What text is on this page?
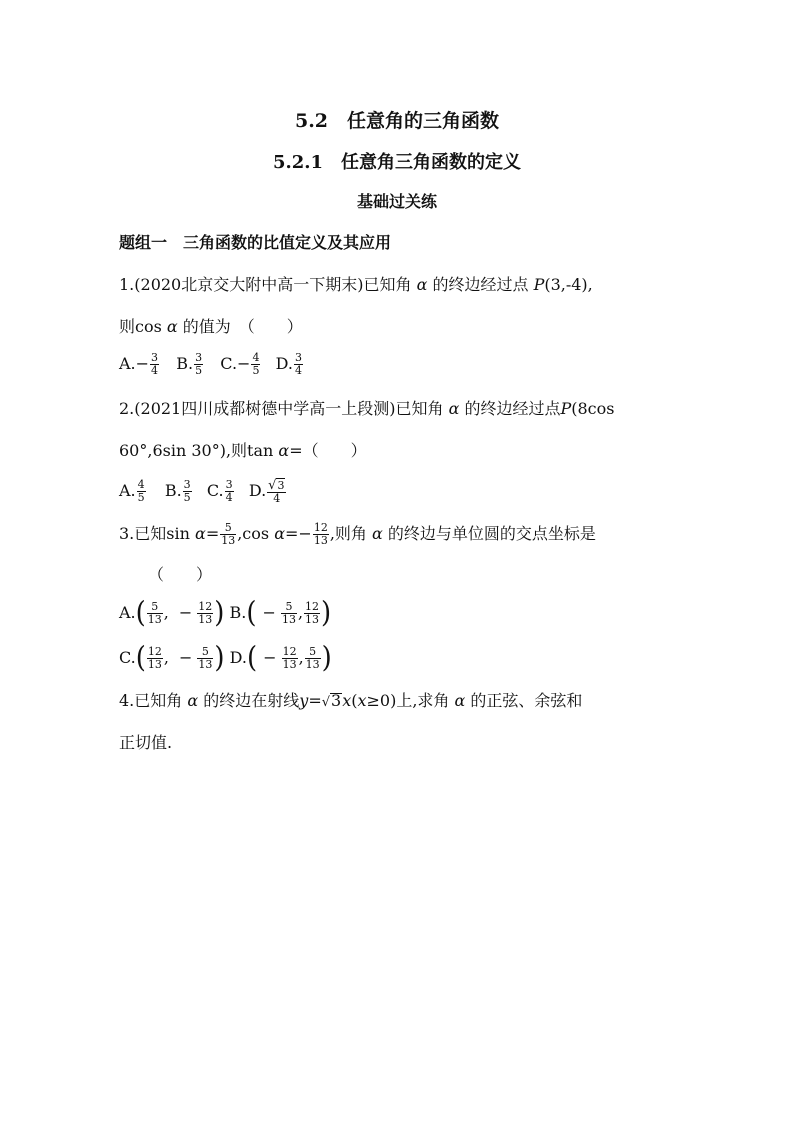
5.2　任意角的三角函数
5.2.1　任意角三角函数的定义
基础过关练
题组一　三角函数的比值定义及其应用
1.(2020北京交大附中高一下期末)已知角 α 的终边经过点 P(3,-4),
则cos α 的值为　（　　）
$A.- \frac{3}{4} B$. $\frac{3}{5} C.- \frac{4}{5} D$. $\frac{3}{4}$
2.(2021四川成都树德中学高一上段测)已知角 α 的终边经过点P(8cos
60°,6sin 30°),则tan α=（　　）
A. $\frac{4}{5} B$. $\frac{3}{5} C$. $\frac{3}{4} D$. $\frac{√3}{4}$
3.已知$\sin \alpha= \frac{5}{13} ,\cos$ $\alpha=- \frac{12}{13}$ ,则角 α 的终边与单位圆的交点坐标是
（　　）
$A.( \frac{5}{13}$ , − $\frac{12}{13}$ ) $B.( - \frac{5}{13}$ , $\frac{12}{13}$ )
$C.( \frac{12}{13}$ , − $\frac{5}{13}$ ) $D.( - \frac{12}{13}$ , $\frac{5}{13}$ )
4.已知角 α 的终边在射线y=√3x(x≥0)上,求角 α 的正弦、余弦和
正切值.
